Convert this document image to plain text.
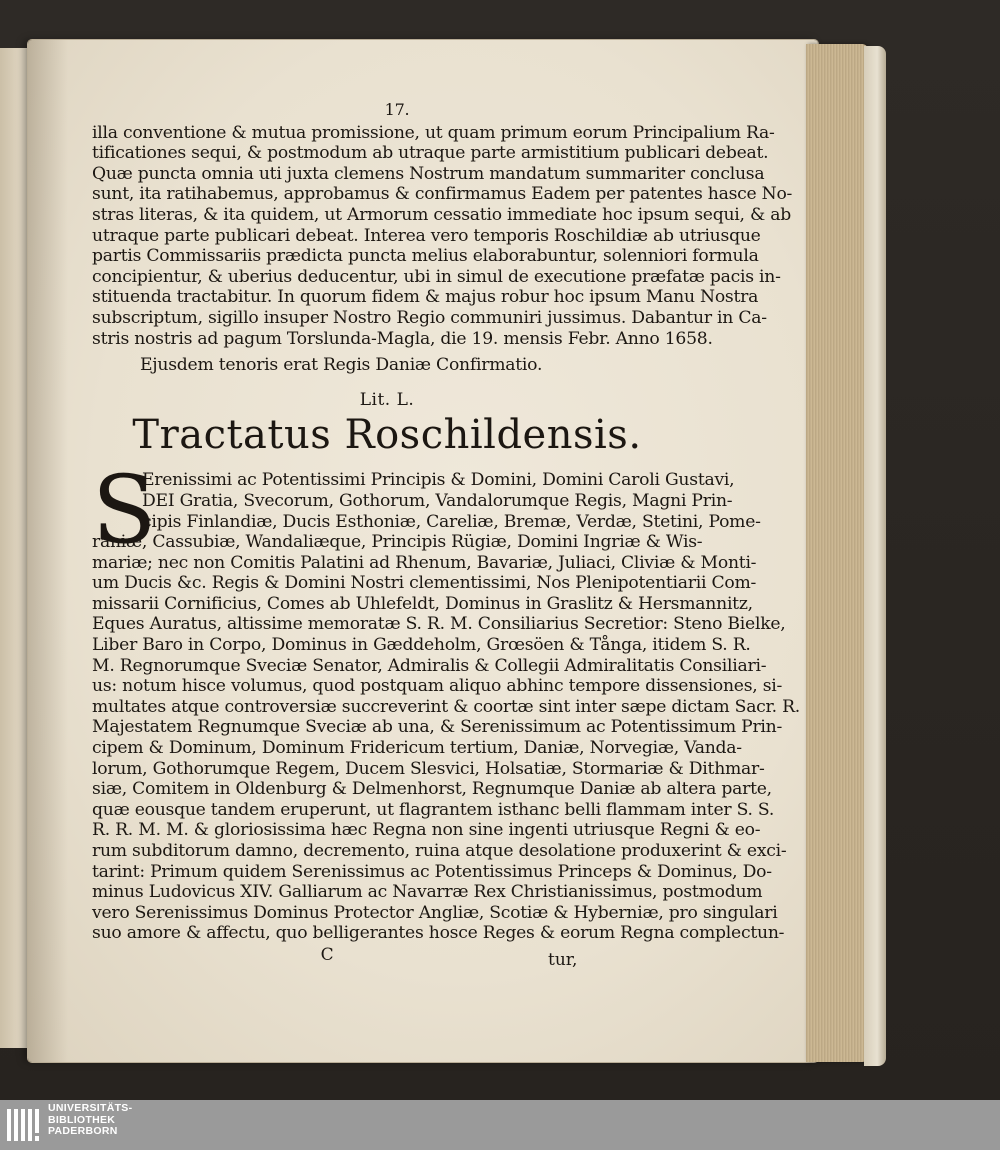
17.
illa conventione & mutua promissione, ut quam primum eorum Principalium Ra-
tificationes sequi, & postmodum ab utraque parte armistitium publicari debeat.
Quæ puncta omnia uti juxta clemens Nostrum mandatum summariter conclusa
sunt, ita ratihabemus, approbamus & confirmamus Eadem per patentes hasce No-
stras literas, & ita quidem, ut Armorum cessatio immediate hoc ipsum sequi, & ab
utraque parte publicari debeat. Interea vero temporis Roschildiæ ab utriusque
partis Commissariis prædicta puncta melius elaborabuntur, solenniori formula
concipientur, & uberius deducentur, ubi in simul de executione præfatæ pacis in-
stituenda tractabitur. In quorum fidem & majus robur hoc ipsum Manu Nostra
subscriptum, sigillo insuper Nostro Regio communiri jussimus. Dabantur in Ca-
stris nostris ad pagum Torslunda-Magla, die 19. mensis Febr. Anno 1658.
Ejusdem tenoris erat Regis Daniæ Confirmatio.
Lit. L.
Tractatus Roschildensis.
S
Erenissimi ac Potentissimi Principis & Domini, Domini Caroli Gustavi,
DEI Gratia, Svecorum, Gothorum, Vandalorumque Regis, Magni Prin-
cipis Finlandiæ, Ducis Esthoniæ, Careliæ, Bremæ, Verdæ, Stetini, Pome-
raniæ, Cassubiæ, Wandaliæque, Principis Rügiæ, Domini Ingriæ & Wis-
mariæ; nec non Comitis Palatini ad Rhenum, Bavariæ, Juliaci, Cliviæ & Monti-
um Ducis &c. Regis & Domini Nostri clementissimi, Nos Plenipotentiarii Com-
missarii Cornificius, Comes ab Uhlefeldt, Dominus in Graslitz & Hersmannitz,
Eques Auratus, altissime memoratæ S. R. M. Consiliarius Secretior: Steno Bielke,
Liber Baro in Corpo, Dominus in Gæddeholm, Grœsöen & Tånga, itidem S. R.
M. Regnorumque Sveciæ Senator, Admiralis & Collegii Admiralitatis Consiliari-
us: notum hisce volumus, quod postquam aliquo abhinc tempore dissensiones, si-
multates atque controversiæ succreverint & coortæ sint inter sæpe dictam Sacr. R.
Majestatem Regnumque Sveciæ ab una, & Serenissimum ac Potentissimum Prin-
cipem & Dominum, Dominum Fridericum tertium, Daniæ, Norvegiæ, Vanda-
lorum, Gothorumque Regem, Ducem Slesvici, Holsatiæ, Stormariæ & Dithmar-
siæ, Comitem in Oldenburg & Delmenhorst, Regnumque Daniæ ab altera parte,
quæ eousque tandem eruperunt, ut flagrantem isthanc belli flammam inter S. S.
R. R. M. M. & gloriosissima hæc Regna non sine ingenti utriusque Regni & eo-
rum subditorum damno, decremento, ruina atque desolatione produxerint & exci-
tarint: Primum quidem Serenissimus ac Potentissimus Princeps & Dominus, Do-
minus Ludovicus XIV. Galliarum ac Navarræ Rex Christianissimus, postmodum
vero Serenissimus Dominus Protector Angliæ, Scotiæ & Hyberniæ, pro singulari
suo amore & affectu, quo belligerantes hosce Reges & eorum Regna complectun-
C
UNIVERSITÄTS-
BIBLIOTHEK
PADERBORN
tur,
